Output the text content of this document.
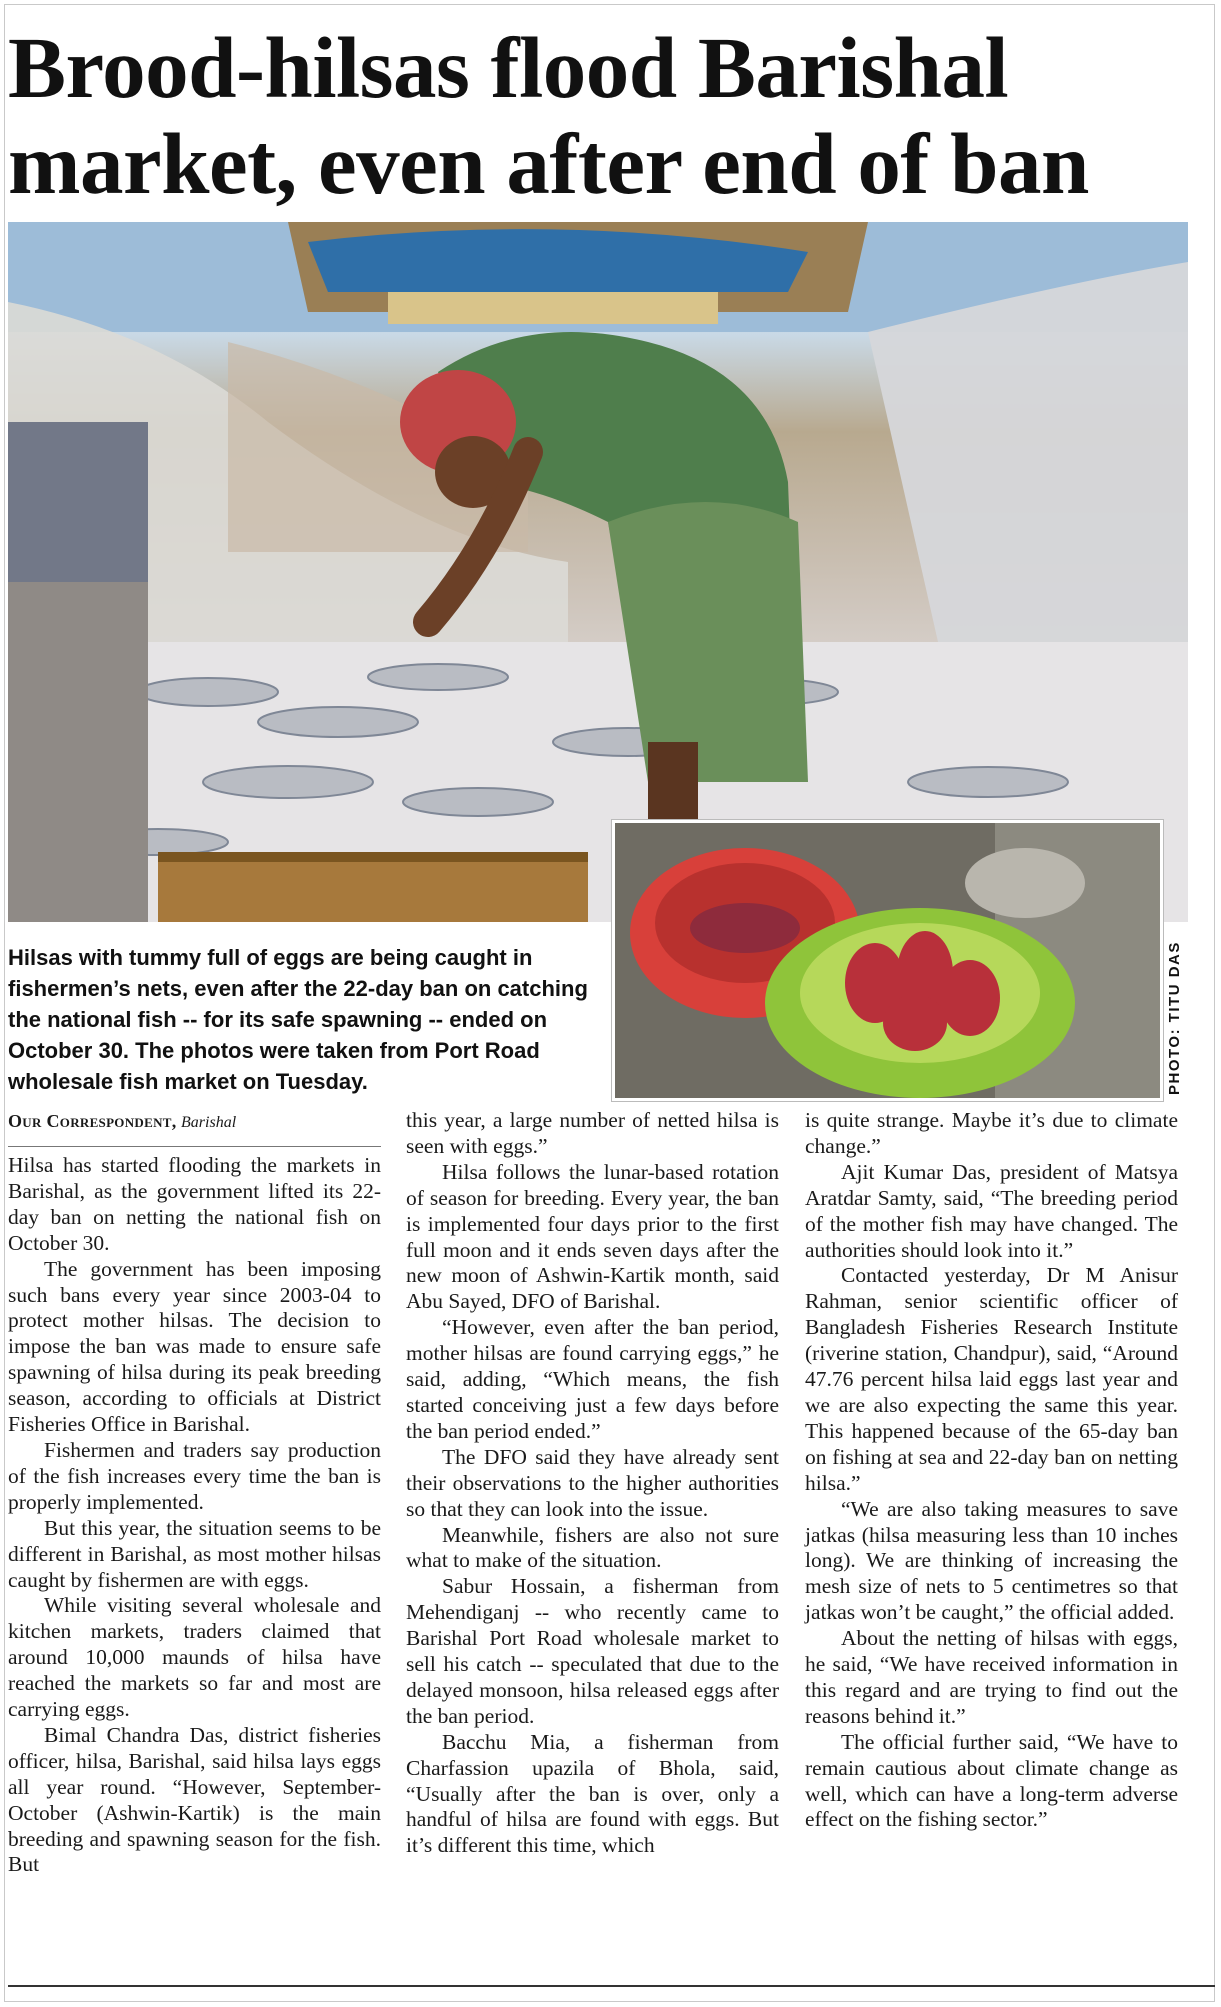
Brood-hilsas flood Barishal
market, even after end of ban
Hilsas with tummy full of eggs are being caught in fishermen’s nets, even after the 22-day ban on catching the national fish -- for its safe spawning -- ended on October 30. The photos were taken from Port Road wholesale fish market on Tuesday.	PHOTO: TITU DAS
Our Correspondent, Barishal

Hilsa has started flooding the markets in Barishal, as the government lifted its 22-day ban on netting the national fish on October 30.

The government has been imposing such bans every year since 2003-04 to protect mother hilsas. The decision to impose the ban was made to ensure safe spawning of hilsa during its peak breeding season, according to officials at District Fisheries Office in Barishal.

Fishermen and traders say production of the fish increases every time the ban is properly implemented.

But this year, the situation seems to be different in Barishal, as most mother hilsas caught by fishermen are with eggs.

While visiting several wholesale and kitchen markets, traders claimed that around 10,000 maunds of hilsa have reached the markets so far and most are carrying eggs.

Bimal Chandra Das, district fisheries officer, hilsa, Barishal, said hilsa lays eggs all year round. “However, September-October (Ashwin-Kartik) is the main breeding and spawning season for the fish. But

this year, a large number of netted hilsa is seen with eggs.”

Hilsa follows the lunar-based rotation of season for breeding. Every year, the ban is implemented four days prior to the first full moon and it ends seven days after the new moon of Ashwin-Kartik month, said Abu Sayed, DFO of Barishal.

“However, even after the ban period, mother hilsas are found carrying eggs,” he said, adding, “Which means, the fish started conceiving just a few days before the ban period ended.”

The DFO said they have already sent their observations to the higher authorities so that they can look into the issue.

Meanwhile, fishers are also not sure what to make of the situation.

Sabur Hossain, a fisherman from Mehendiganj -- who recently came to Barishal Port Road wholesale market to sell his catch -- speculated that due to the delayed monsoon, hilsa released eggs after the ban period.

Bacchu Mia, a fisherman from Charfassion upazila of Bhola, said, “Usually after the ban is over, only a handful of hilsa are found with eggs. But it’s different this time, which

is quite strange. Maybe it’s due to climate change.”

Ajit Kumar Das, president of Matsya Aratdar Samty, said, “The breeding period of the mother fish may have changed. The authorities should look into it.”

Contacted yesterday, Dr M Anisur Rahman, senior scientific officer of Bangladesh Fisheries Research Institute (riverine station, Chandpur), said, “Around 47.76 percent hilsa laid eggs last year and we are also expecting the same this year. This happened because of the 65-day ban on fishing at sea and 22-day ban on netting hilsa.”

“We are also taking measures to save jatkas (hilsa measuring less than 10 inches long). We are thinking of increasing the mesh size of nets to 5 centimetres so that jatkas won’t be caught,” the official added.

About the netting of hilsas with eggs, he said, “We have received information in this regard and are trying to find out the reasons behind it.”

The official further said, “We have to remain cautious about climate change as well, which can have a long-term adverse effect on the fishing sector.”
